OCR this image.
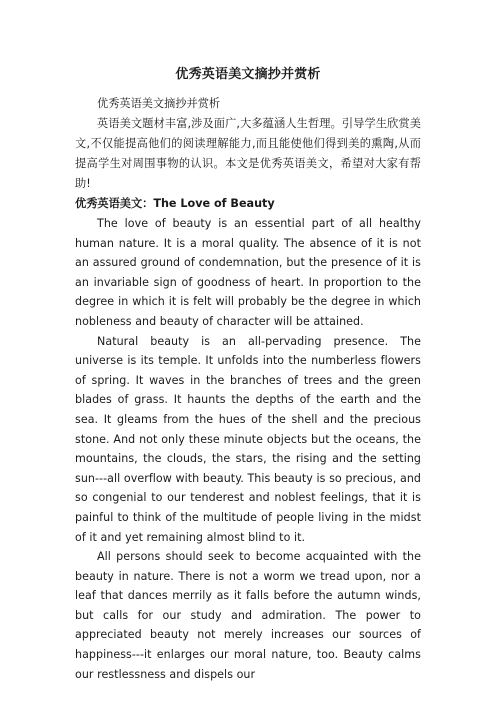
优秀英语美文摘抄并赏析

优秀英语美文摘抄并赏析

英语美文题材丰富,涉及面广,大多蕴涵人生哲理。引导学生欣赏美文,不仅能提高他们的阅读理解能力,而且能使他们得到美的熏陶,从而提高学生对周围事物的认识。本文是优秀英语美文，希望对大家有帮助!

优秀英语美文：The Love of Beauty

The love of beauty is an essential part of all healthy human nature. It is a moral quality. The absence of it is not an assured ground of condemnation, but the presence of it is an invariable sign of goodness of heart. In proportion to the degree in which it is felt will probably be the degree in which nobleness and beauty of character will be attained.

Natural beauty is an all-pervading presence. The universe is its temple. It unfolds into the numberless flowers of spring. It waves in the branches of trees and the green blades of grass. It haunts the depths of the earth and the sea. It gleams from the hues of the shell and the precious stone. And not only these minute objects but the oceans, the mountains, the clouds, the stars, the rising and the setting sun---all overflow with beauty. This beauty is so precious, and so congenial to our tenderest and noblest feelings, that it is painful to think of the multitude of people living in the midst of it and yet remaining almost blind to it.

All persons should seek to become acquainted with the beauty in nature. There is not a worm we tread upon, nor a leaf that dances merrily as it falls before the autumn winds, but calls for our study and admiration. The power to appreciated beauty not merely increases our sources of happiness---it enlarges our moral nature, too. Beauty calms our restlessness and dispels our
